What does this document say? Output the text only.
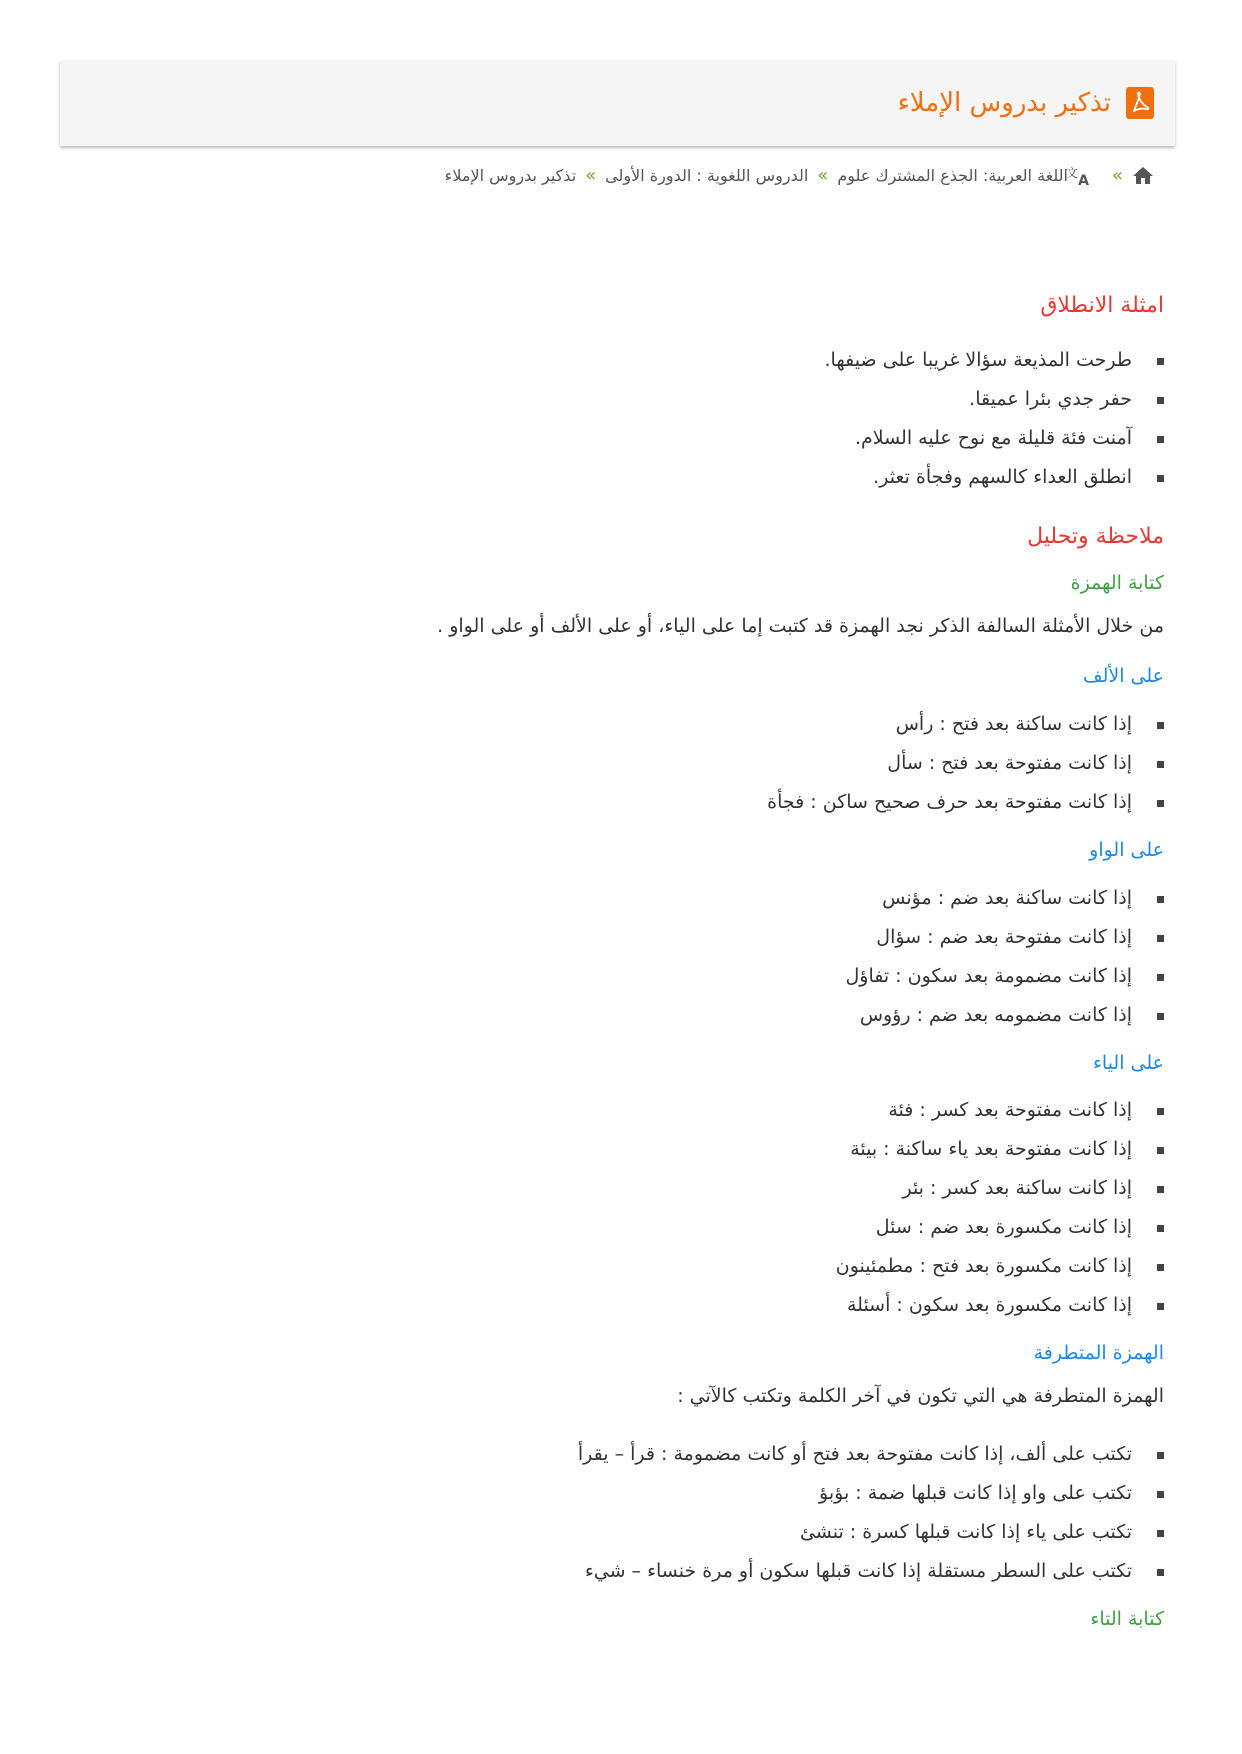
تذكير بدروس الإملاء
»
文 A
اللغة العربية: الجذع المشترك علوم
»
الدروس اللغوية : الدورة الأولى
»
تذكير بدروس الإملاء
امثلة الانطلاق
طرحت المذيعة سؤالا غريبا على ضيفها.
حفر جدي بئرا عميقا.
آمنت فئة قليلة مع نوح عليه السلام.
انطلق العداء كالسهم وفجأة تعثر.
ملاحظة وتحليل
كتابة الهمزة

من خلال الأمثلة السالفة الذكر نجد الهمزة قد كتبت إما على الياء، أو على الألف أو على الواو .

على الألف
إذا كانت ساكنة بعد فتح : رأس
إذا كانت مفتوحة بعد فتح : سأل
إذا كانت مفتوحة بعد حرف صحيح ساكن : فجأة
على الواو
إذا كانت ساكنة بعد ضم : مؤنس
إذا كانت مفتوحة بعد ضم : سؤال
إذا كانت مضمومة بعد سكون : تفاؤل
إذا كانت مضمومه بعد ضم : رؤوس
على الياء
إذا كانت مفتوحة بعد كسر : فئة
إذا كانت مفتوحة بعد ياء ساكنة : بيئة
إذا كانت ساكنة بعد كسر : بئر
إذا كانت مكسورة بعد ضم : سئل
إذا كانت مكسورة بعد فتح : مطمئينون
إذا كانت مكسورة بعد سكون : أسئلة
الهمزة المتطرفة

الهمزة المتطرفة هي التي تكون في آخر الكلمة وتكتب كالآتي :

تكتب على ألف، إذا كانت مفتوحة بعد فتح أو كانت مضمومة : قرأ – يقرأ
تكتب على واو إذا كانت قبلها ضمة : بؤبؤ
تكتب على ياء إذا كانت قبلها كسرة : تنشئ
تكتب على السطر مستقلة إذا كانت قبلها سكون أو مرة خنساء – شيء
كتابة التاء
